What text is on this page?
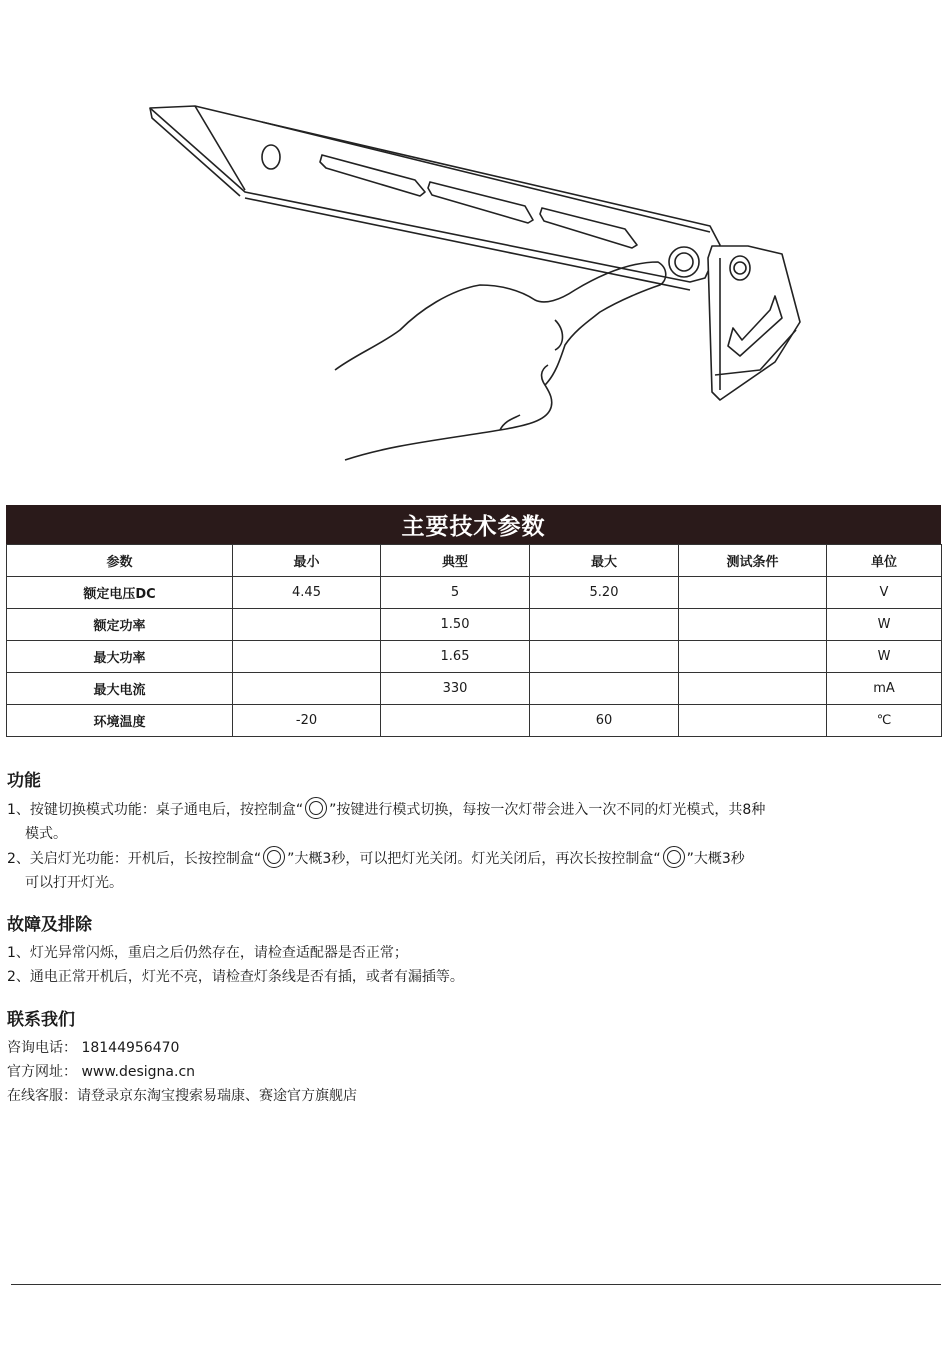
主要技术参数
参数	最小	典型	最大	测试条件	单位
额定电压DC	4.45	5	5.20		V
额定功率		1.50			W
最大功率		1.65			W
最大电流		330			mA
环境温度	-20		60		℃
功能
1、按键切换模式功能：桌子通电后，按控制盒“ ”按键进行模式切换，每按一次灯带会进入一次不同的灯光模式，共8种
模式。
2、关启灯光功能：开机后，长按控制盒“ ”大概3秒，可以把灯光关闭。灯光关闭后，再次长按控制盒“ ”大概3秒
可以打开灯光。
故障及排除
1、灯光异常闪烁，重启之后仍然存在，请检查适配器是否正常；
2、通电正常开机后，灯光不亮，请检查灯条线是否有插，或者有漏插等。
联系我们
咨询电话： 18144956470
官方网址： www.designa.cn
在线客服：请登录京东淘宝搜索易瑞康、赛途官方旗舰店
